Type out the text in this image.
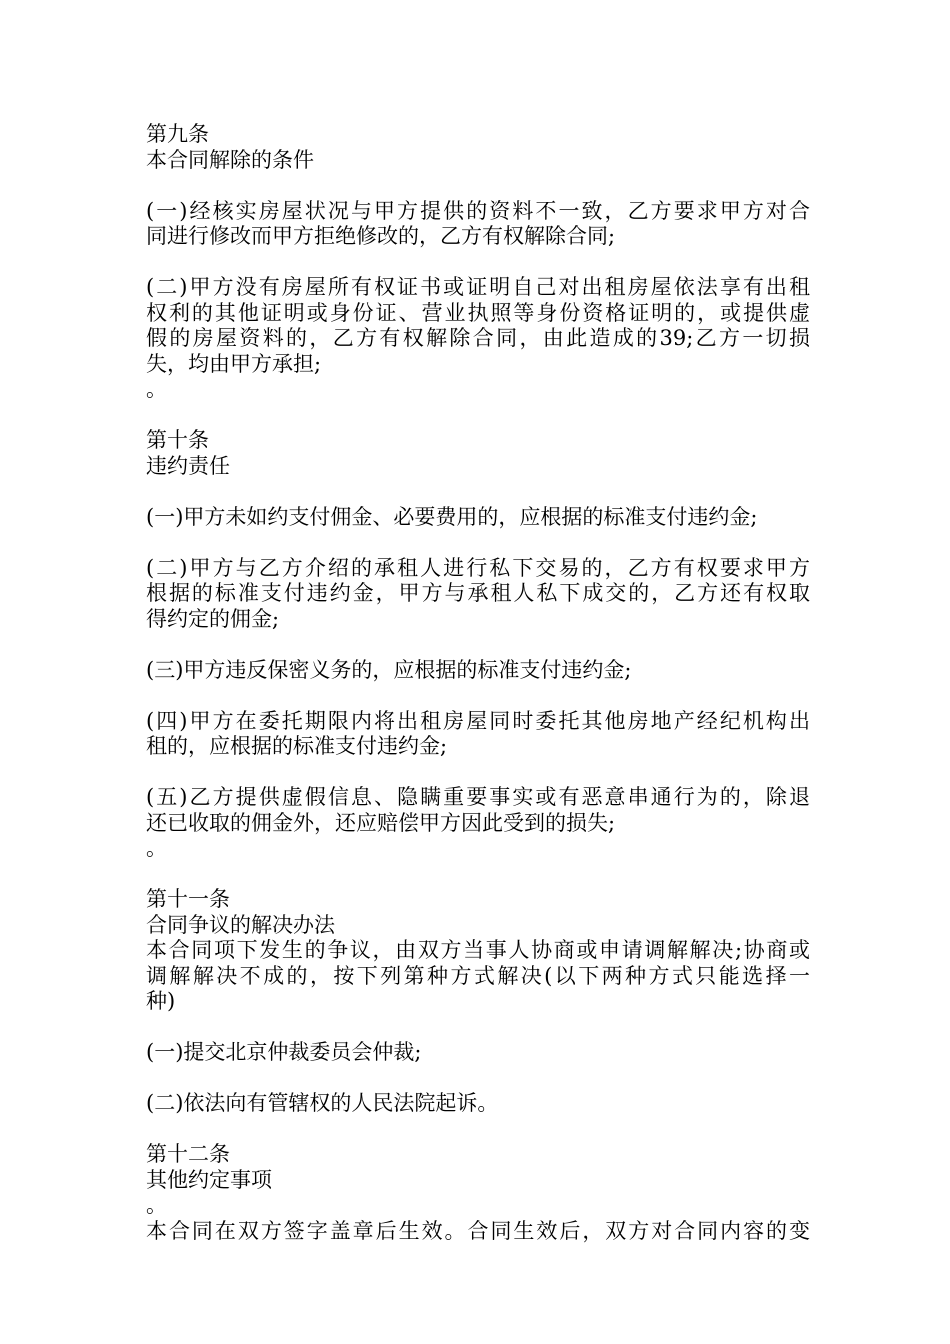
第九条
本合同解除的条件
(一)经核实房屋状况与甲方提供的资料不一致，乙方要求甲方对合
同进行修改而甲方拒绝修改的，乙方有权解除合同;
(二)甲方没有房屋所有权证书或证明自己对出租房屋依法享有出租
权利的其他证明或身份证、营业执照等身份资格证明的，或提供虚
假的房屋资料的，乙方有权解除合同，由此造成的39;乙方一切损
失，均由甲方承担;
。
第十条
违约责任
(一)甲方未如约支付佣金、必要费用的，应根据的标准支付违约金;
(二)甲方与乙方介绍的承租人进行私下交易的，乙方有权要求甲方
根据的标准支付违约金，甲方与承租人私下成交的，乙方还有权取
得约定的佣金;
(三)甲方违反保密义务的，应根据的标准支付违约金;
(四)甲方在委托期限内将出租房屋同时委托其他房地产经纪机构出
租的，应根据的标准支付违约金;
(五)乙方提供虚假信息、隐瞒重要事实或有恶意串通行为的，除退
还已收取的佣金外，还应赔偿甲方因此受到的损失;
。
第十一条
合同争议的解决办法
本合同项下发生的争议，由双方当事人协商或申请调解解决;协商或
调解解决不成的，按下列第种方式解决(以下两种方式只能选择一
种)
(一)提交北京仲裁委员会仲裁;
(二)依法向有管辖权的人民法院起诉。
第十二条
其他约定事项
。
本合同在双方签字盖章后生效。合同生效后，双方对合同内容的变
